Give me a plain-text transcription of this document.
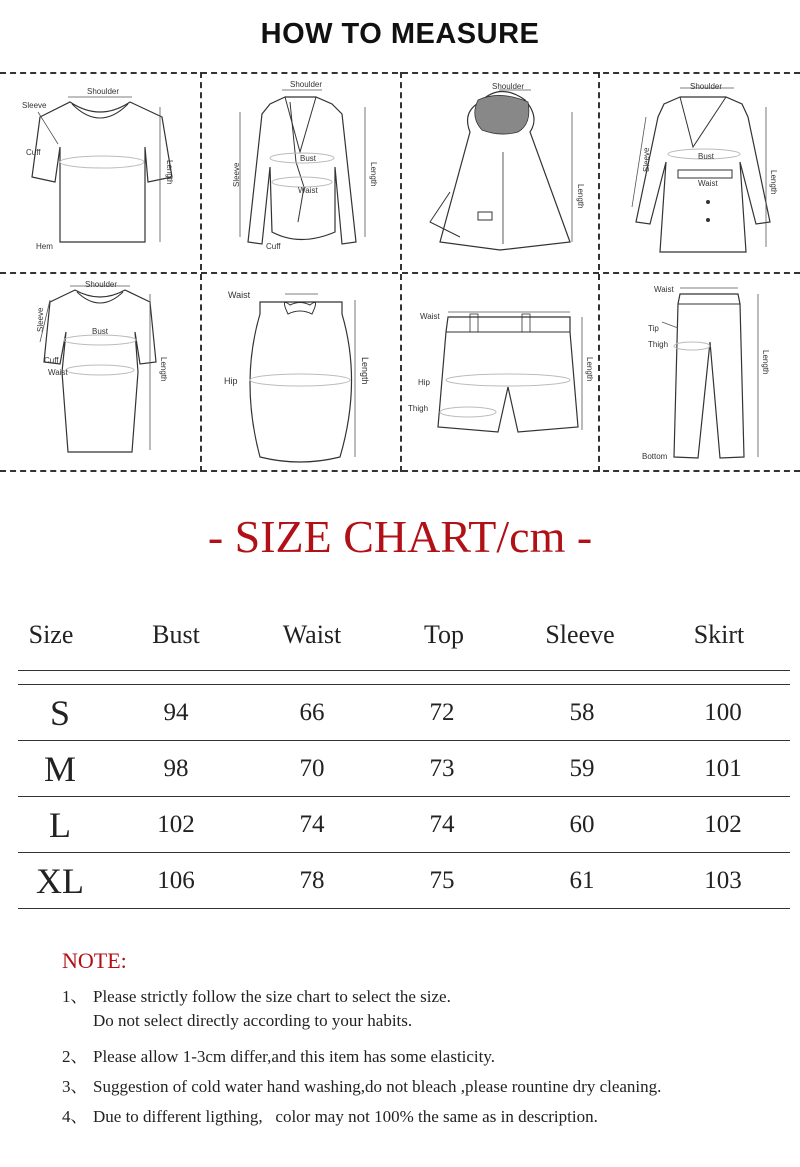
HOW TO MEASURE
Shoulder
Sleeve
Cuff
Hem
Length
Shoulder
Bust
Waist
Sleeve
Cuff
Length
Shoulder
Length
Shoulder
Bust
Waist
Sleeve
Length
Shoulder
Sleeve	Bust
Cuff
Waist	Length
Waist
Hip	Length
Waist
Hip
Thigh
Length
Waist
Tip
Thigh
Bottom
Length
- SIZE CHART/cm -
Size	Bust	Waist	Top	Sleeve	Skirt
S	94	66	72	58	100
M	98	70	73	59	101
L	102	74	74	60	102
XL	106	78	75	61	103
NOTE:
1、 Please strictly follow the size chart to select the size.
Do not select directly according to your habits.
2、 Please allow 1-3cm differ,and this item has some elasticity.
3、 Suggestion of cold water hand washing,do not bleach ,please rountine dry cleaning.
4、 Due to different ligthing,   color may not 100% the same as in description.
